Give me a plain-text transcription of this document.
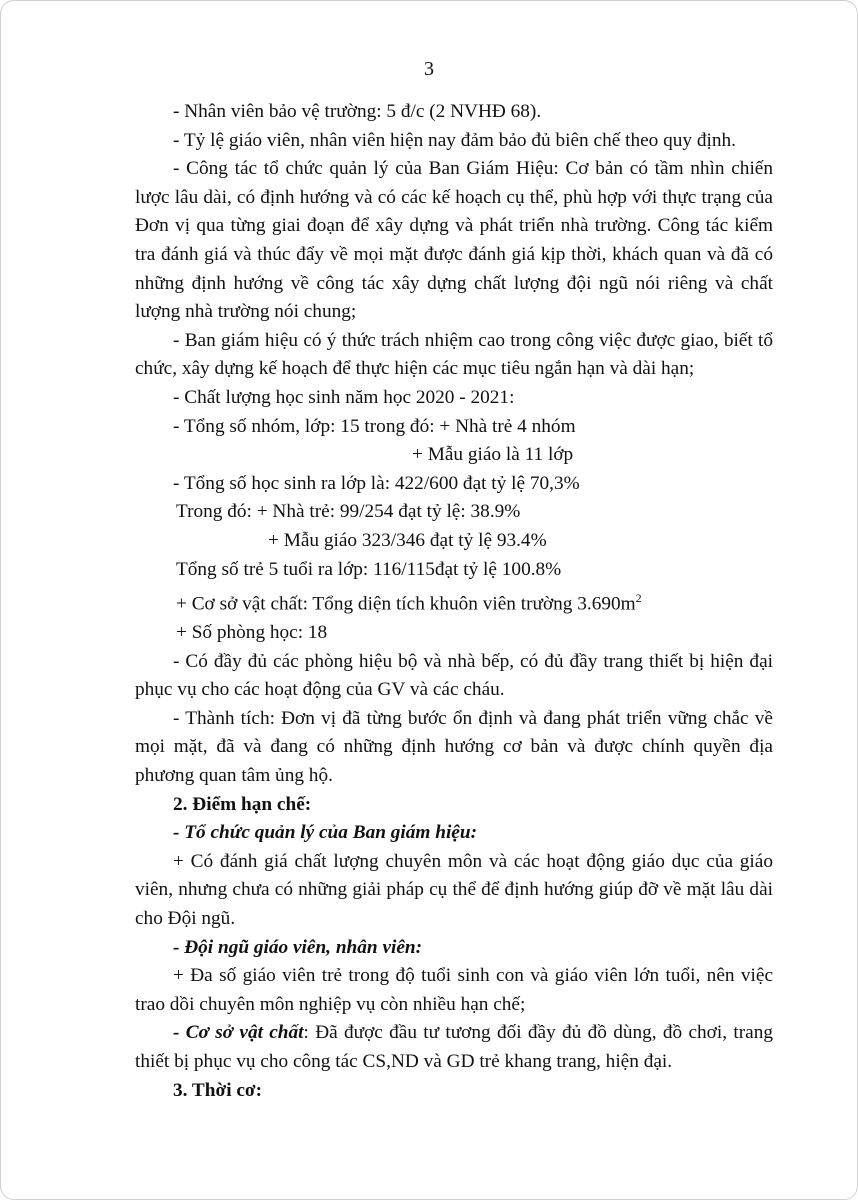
3

- Nhân viên bảo vệ trường: 5 đ/c (2 NVHĐ 68).

- Tỷ lệ giáo viên, nhân viên hiện nay đảm bảo đủ biên chế theo quy định.

- Công tác tổ chức quản lý của Ban Giám Hiệu: Cơ bản có tầm nhìn chiến lược lâu dài, có định hướng và có các kế hoạch cụ thể, phù hợp với thực trạng của Đơn vị qua từng giai đoạn để xây dựng và phát triển nhà trường. Công tác kiểm tra đánh giá và thúc đẩy về mọi mặt được đánh giá kịp thời, khách quan và đã có những định hướng về công tác xây dựng chất lượng đội ngũ nói riêng và chất lượng nhà trường nói chung;

- Ban giám hiệu có ý thức trách nhiệm cao trong công việc được giao, biết tổ chức, xây dựng kế hoạch để thực hiện các mục tiêu ngắn hạn và dài hạn;

- Chất lượng học sinh năm học 2020 - 2021:

- Tổng số nhóm, lớp: 15 trong đó: + Nhà trẻ 4 nhóm

+ Mẫu giáo là 11 lớp

- Tổng số học sinh ra lớp là: 422/600 đạt tỷ lệ 70,3%

Trong đó: + Nhà trẻ: 99/254 đạt tỷ lệ: 38.9%

+ Mẫu giáo 323/346 đạt tỷ lệ 93.4%

Tổng số trẻ 5 tuổi ra lớp: 116/115đạt tỷ lệ 100.8%

+ Cơ sở vật chất: Tổng diện tích khuôn viên trường $3.690m^2$

+ Số phòng học: 18

- Có đầy đủ các phòng hiệu bộ và nhà bếp, có đủ đầy trang thiết bị hiện đại phục vụ cho các hoạt động của GV và các cháu.

- Thành tích: Đơn vị đã từng bước ổn định và đang phát triển vững chắc về mọi mặt, đã và đang có những định hướng cơ bản và được chính quyền địa phương quan tâm ủng hộ.

2. Điểm hạn chế:

- Tổ chức quản lý của Ban giám hiệu:

+ Có đánh giá chất lượng chuyên môn và các hoạt động giáo dục của giáo viên, nhưng chưa có những giải pháp cụ thể để định hướng giúp đỡ về mặt lâu dài cho Đội ngũ.

- Đội ngũ giáo viên, nhân viên:

+ Đa số giáo viên trẻ trong độ tuổi sinh con và giáo viên lớn tuổi, nên việc trao dồi chuyên môn nghiệp vụ còn nhiều hạn chế;

- Cơ sở vật chất: Đã được đầu tư tương đối đầy đủ đồ dùng, đồ chơi, trang thiết bị phục vụ cho công tác CS,ND và GD trẻ khang trang, hiện đại.

3. Thời cơ:
